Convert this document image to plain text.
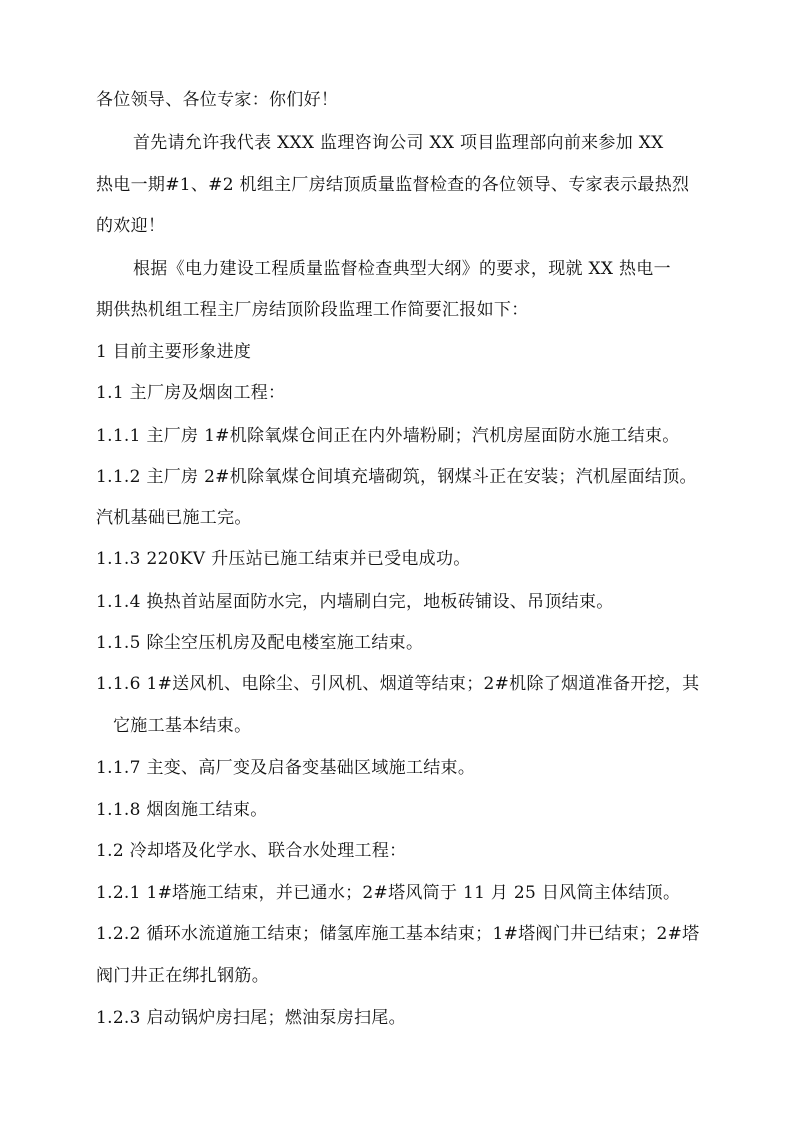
各位领导、各位专家：你们好！
首先请允许我代表 XXX 监理咨询公司 XX 项目监理部向前来参加 XX
热电一期#1、#2 机组主厂房结顶质量监督检查的各位领导、专家表示最热烈
的欢迎！
根据《电力建设工程质量监督检查典型大纲》的要求，现就 XX 热电一
期供热机组工程主厂房结顶阶段监理工作简要汇报如下：
1 目前主要形象进度
1.1 主厂房及烟囱工程：
1.1.1 主厂房 1#机除氧煤仓间正在内外墙粉刷；汽机房屋面防水施工结束。
1.1.2 主厂房 2#机除氧煤仓间填充墙砌筑，钢煤斗正在安装；汽机屋面结顶。
汽机基础已施工完。
1.1.3 220KV 升压站已施工结束并已受电成功。
1.1.4 换热首站屋面防水完，内墙刷白完，地板砖铺设、吊顶结束。
1.1.5 除尘空压机房及配电楼室施工结束。
1.1.6 1#送风机、电除尘、引风机、烟道等结束；2#机除了烟道准备开挖，其
它施工基本结束。
1.1.7 主变、高厂变及启备变基础区域施工结束。
1.1.8 烟囱施工结束。
1.2 冷却塔及化学水、联合水处理工程：
1.2.1 1#塔施工结束，并已通水；2#塔风筒于 11 月 25 日风筒主体结顶。
1.2.2 循环水流道施工结束；储氢库施工基本结束；1#塔阀门井已结束；2#塔
阀门井正在绑扎钢筋。
1.2.3 启动锅炉房扫尾；燃油泵房扫尾。
